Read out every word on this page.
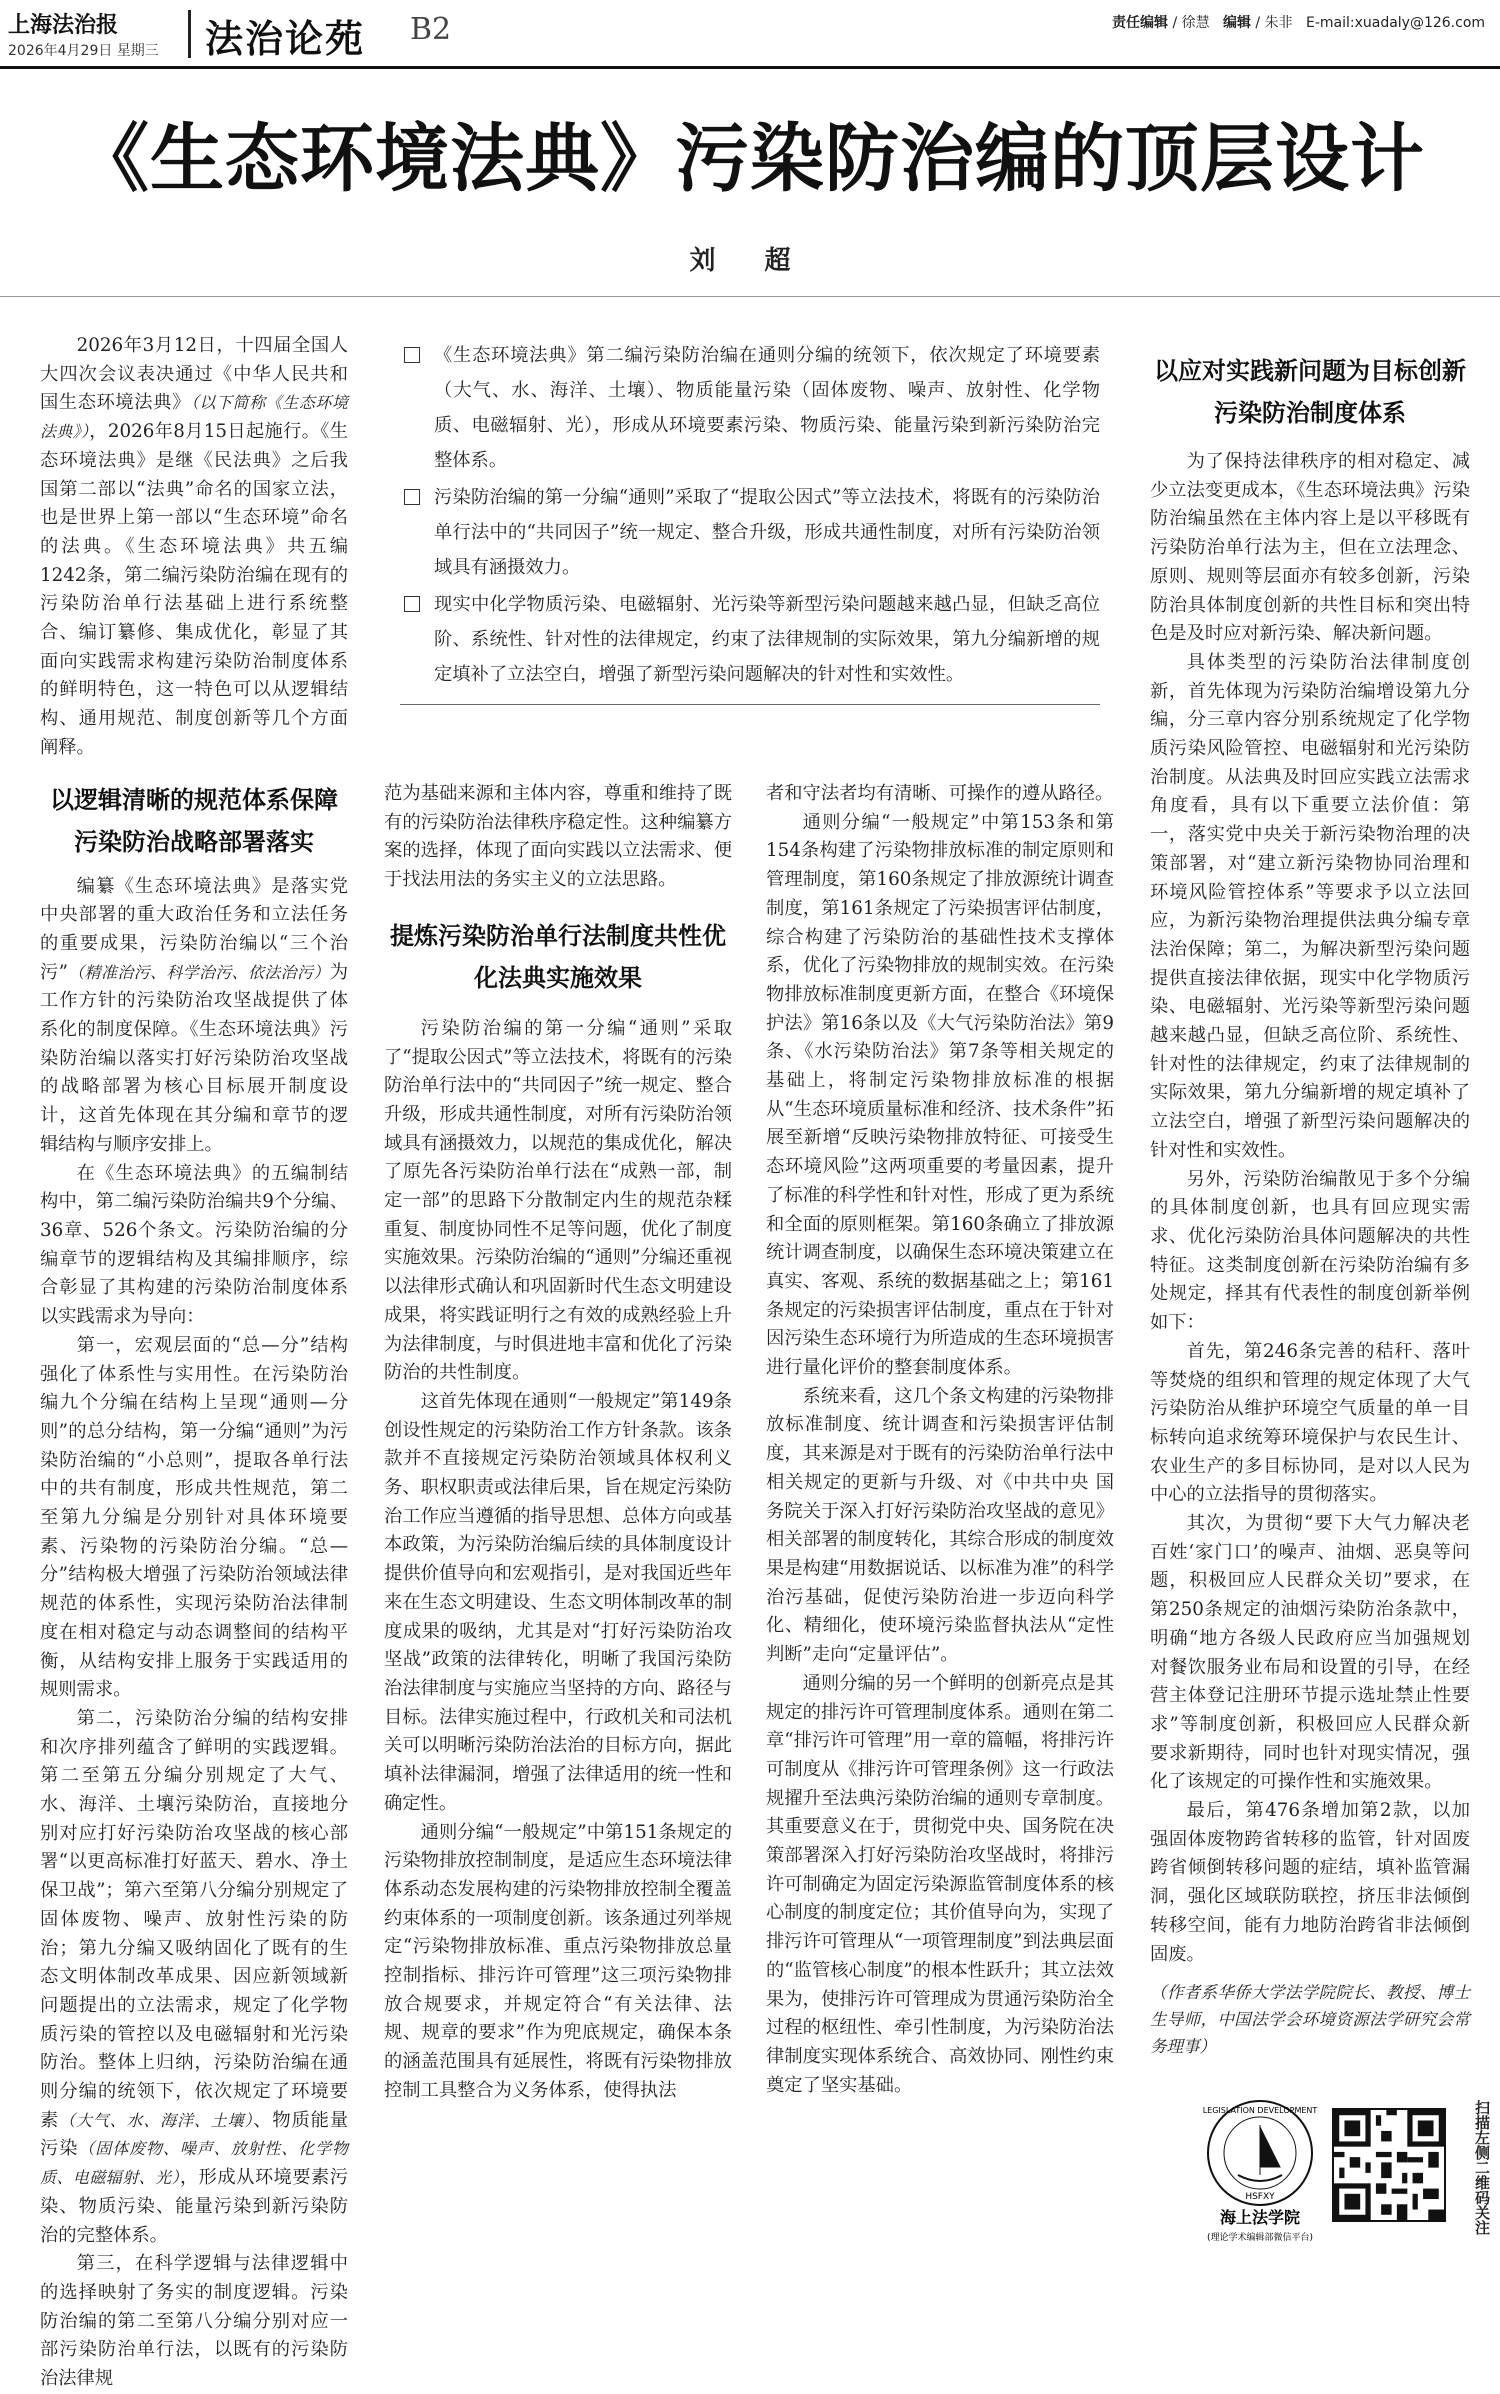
上海法治报
2026年4月29日 星期三 法治论苑 B2	责任编辑 / 徐慧 编辑 / 朱非 E-mail:xuadaly@126.com
《生态环境法典》污染防治编的顶层设计
刘 超

2026年3月12日，十四届全国人大四次会议表决通过《中华人民共和国生态环境法典》（以下简称《生态环境法典》），2026年8月15日起施行。《生态环境法典》是继《民法典》之后我国第二部以“法典”命名的国家立法，也是世界上第一部以“生态环境”命名的法典。《生态环境法典》共五编1242条，第二编污染防治编在现有的污染防治单行法基础上进行系统整合、编订纂修、集成优化，彰显了其面向实践需求构建污染防治制度体系的鲜明特色，这一特色可以从逻辑结构、通用规范、制度创新等几个方面阐释。

以逻辑清晰的规范体系保障污染防治战略部署落实

编纂《生态环境法典》是落实党中央部署的重大政治任务和立法任务的重要成果，污染防治编以“三个治污”（精准治污、科学治污、依法治污）为工作方针的污染防治攻坚战提供了体系化的制度保障。《生态环境法典》污染防治编以落实打好污染防治攻坚战的战略部署为核心目标展开制度设计，这首先体现在其分编和章节的逻辑结构与顺序安排上。

在《生态环境法典》的五编制结构中，第二编污染防治编共9个分编、36章、526个条文。污染防治编的分编章节的逻辑结构及其编排顺序，综合彰显了其构建的污染防治制度体系以实践需求为导向：

第一，宏观层面的“总—分”结构强化了体系性与实用性。在污染防治编九个分编在结构上呈现“通则—分则”的总分结构，第一分编“通则”为污染防治编的“小总则”，提取各单行法中的共有制度，形成共性规范，第二至第九分编是分别针对具体环境要素、污染物的污染防治分编。“总—分”结构极大增强了污染防治领域法律规范的体系性，实现污染防治法律制度在相对稳定与动态调整间的结构平衡，从结构安排上服务于实践适用的规则需求。

第二，污染防治分编的结构安排和次序排列蕴含了鲜明的实践逻辑。第二至第五分编分别规定了大气、水、海洋、土壤污染防治，直接地分别对应打好污染防治攻坚战的核心部署“以更高标准打好蓝天、碧水、净土保卫战”；第六至第八分编分别规定了固体废物、噪声、放射性污染的防治；第九分编又吸纳固化了既有的生态文明体制改革成果、因应新领域新问题提出的立法需求，规定了化学物质污染的管控以及电磁辐射和光污染防治。整体上归纳，污染防治编在通则分编的统领下，依次规定了环境要素（大气、水、海洋、土壤）、物质能量污染（固体废物、噪声、放射性、化学物质、电磁辐射、光），形成从环境要素污染、物质污染、能量污染到新污染防治的完整体系。

第三，在科学逻辑与法律逻辑中的选择映射了务实的制度逻辑。污染防治编的第二至第八分编分别对应一部污染防治单行法，以既有的污染防治法律规

《生态环境法典》第二编污染防治编在通则分编的统领下，依次规定了环境要素（大气、水、海洋、土壤）、物质能量污染（固体废物、噪声、放射性、化学物质、电磁辐射、光），形成从环境要素污染、物质污染、能量污染到新污染防治完整体系。
污染防治编的第一分编“通则”采取了“提取公因式”等立法技术，将既有的污染防治单行法中的“共同因子”统一规定、整合升级，形成共通性制度，对所有污染防治领域具有涵摄效力。
现实中化学物质污染、电磁辐射、光污染等新型污染问题越来越凸显，但缺乏高位阶、系统性、针对性的法律规定，约束了法律规制的实际效果，第九分编新增的规定填补了立法空白，增强了新型污染问题解决的针对性和实效性。

范为基础来源和主体内容，尊重和维持了既有的污染防治法律秩序稳定性。这种编纂方案的选择，体现了面向实践以立法需求、便于找法用法的务实主义的立法思路。

提炼污染防治单行法制度共性优化法典实施效果

污染防治编的第一分编“通则”采取了“提取公因式”等立法技术，将既有的污染防治单行法中的“共同因子”统一规定、整合升级，形成共通性制度，对所有污染防治领域具有涵摄效力，以规范的集成优化，解决了原先各污染防治单行法在“成熟一部，制定一部”的思路下分散制定内生的规范杂糅重复、制度协同性不足等问题，优化了制度实施效果。污染防治编的“通则”分编还重视以法律形式确认和巩固新时代生态文明建设成果，将实践证明行之有效的成熟经验上升为法律制度，与时俱进地丰富和优化了污染防治的共性制度。

这首先体现在通则“一般规定”第149条创设性规定的污染防治工作方针条款。该条款并不直接规定污染防治领域具体权利义务、职权职责或法律后果，旨在规定污染防治工作应当遵循的指导思想、总体方向或基本政策，为污染防治编后续的具体制度设计提供价值导向和宏观指引，是对我国近些年来在生态文明建设、生态文明体制改革的制度成果的吸纳，尤其是对“打好污染防治攻坚战”政策的法律转化，明晰了我国污染防治法律制度与实施应当坚持的方向、路径与目标。法律实施过程中，行政机关和司法机关可以明晰污染防治法治的目标方向，据此填补法律漏洞，增强了法律适用的统一性和确定性。

通则分编“一般规定”中第151条规定的污染物排放控制制度，是适应生态环境法律体系动态发展构建的污染物排放控制全覆盖约束体系的一项制度创新。该条通过列举规定“污染物排放标准、重点污染物排放总量控制指标、排污许可管理”这三项污染物排放合规要求，并规定符合“有关法律、法规、规章的要求”作为兜底规定，确保本条的涵盖范围具有延展性，将既有污染物排放控制工具整合为义务体系，使得执法

者和守法者均有清晰、可操作的遵从路径。

通则分编“一般规定”中第153条和第154条构建了污染物排放标准的制定原则和管理制度，第160条规定了排放源统计调查制度，第161条规定了污染损害评估制度，综合构建了污染防治的基础性技术支撑体系，优化了污染物排放的规制实效。在污染物排放标准制度更新方面，在整合《环境保护法》第16条以及《大气污染防治法》第9条、《水污染防治法》第7条等相关规定的基础上，将制定污染物排放标准的根据从“生态环境质量标准和经济、技术条件”拓展至新增“反映污染物排放特征、可接受生态环境风险”这两项重要的考量因素，提升了标准的科学性和针对性，形成了更为系统和全面的原则框架。第160条确立了排放源统计调查制度，以确保生态环境决策建立在真实、客观、系统的数据基础之上；第161条规定的污染损害评估制度，重点在于针对因污染生态环境行为所造成的生态环境损害进行量化评价的整套制度体系。

系统来看，这几个条文构建的污染物排放标准制度、统计调查和污染损害评估制度，其来源是对于既有的污染防治单行法中相关规定的更新与升级、对《中共中央 国务院关于深入打好污染防治攻坚战的意见》相关部署的制度转化，其综合形成的制度效果是构建“用数据说话、以标准为准”的科学治污基础，促使污染防治进一步迈向科学化、精细化，使环境污染监督执法从“定性判断”走向“定量评估”。

通则分编的另一个鲜明的创新亮点是其规定的排污许可管理制度体系。通则在第二章“排污许可管理”用一章的篇幅，将排污许可制度从《排污许可管理条例》这一行政法规擢升至法典污染防治编的通则专章制度。其重要意义在于，贯彻党中央、国务院在决策部署深入打好污染防治攻坚战时，将排污许可制确定为固定污染源监管制度体系的核心制度的制度定位；其价值导向为，实现了排污许可管理从“一项管理制度”到法典层面的“监管核心制度”的根本性跃升；其立法效果为，使排污许可管理成为贯通污染防治全过程的枢纽性、牵引性制度，为污染防治法律制度实现体系统合、高效协同、刚性约束奠定了坚实基础。

以应对实践新问题为目标创新污染防治制度体系

为了保持法律秩序的相对稳定、减少立法变更成本，《生态环境法典》污染防治编虽然在主体内容上是以平移既有污染防治单行法为主，但在立法理念、原则、规则等层面亦有较多创新，污染防治具体制度创新的共性目标和突出特色是及时应对新污染、解决新问题。

具体类型的污染防治法律制度创新，首先体现为污染防治编增设第九分编，分三章内容分别系统规定了化学物质污染风险管控、电磁辐射和光污染防治制度。从法典及时回应实践立法需求角度看，具有以下重要立法价值：第一，落实党中央关于新污染物治理的决策部署，对“建立新污染物协同治理和环境风险管控体系”等要求予以立法回应，为新污染物治理提供法典分编专章法治保障；第二，为解决新型污染问题提供直接法律依据，现实中化学物质污染、电磁辐射、光污染等新型污染问题越来越凸显，但缺乏高位阶、系统性、针对性的法律规定，约束了法律规制的实际效果，第九分编新增的规定填补了立法空白，增强了新型污染问题解决的针对性和实效性。

另外，污染防治编散见于多个分编的具体制度创新，也具有回应现实需求、优化污染防治具体问题解决的共性特征。这类制度创新在污染防治编有多处规定，择其有代表性的制度创新举例如下：

首先，第246条完善的秸秆、落叶等焚烧的组织和管理的规定体现了大气污染防治从维护环境空气质量的单一目标转向追求统筹环境保护与农民生计、农业生产的多目标协同，是对以人民为中心的立法指导的贯彻落实。

其次，为贯彻“要下大气力解决老百姓‘家门口’的噪声、油烟、恶臭等问题，积极回应人民群众关切”要求，在第250条规定的油烟污染防治条款中，明确“地方各级人民政府应当加强规划对餐饮服务业布局和设置的引导，在经营主体登记注册环节提示选址禁止性要求”等制度创新，积极回应人民群众新要求新期待，同时也针对现实情况，强化了该规定的可操作性和实施效果。

最后，第476条增加第2款，以加强固体废物跨省转移的监管，针对固废跨省倾倒转移问题的症结，填补监管漏洞，强化区域联防联控，挤压非法倾倒转移空间，能有力地防治跨省非法倾倒固废。

（作者系华侨大学法学院院长、教授、博士生导师，中国法学会环境资源法学研究会常务理事）

LEGISLATION DEVELOPMENT
HSFXY
海上法学院
(理论学术编辑部微信平台)
扫描左侧二维码关注
